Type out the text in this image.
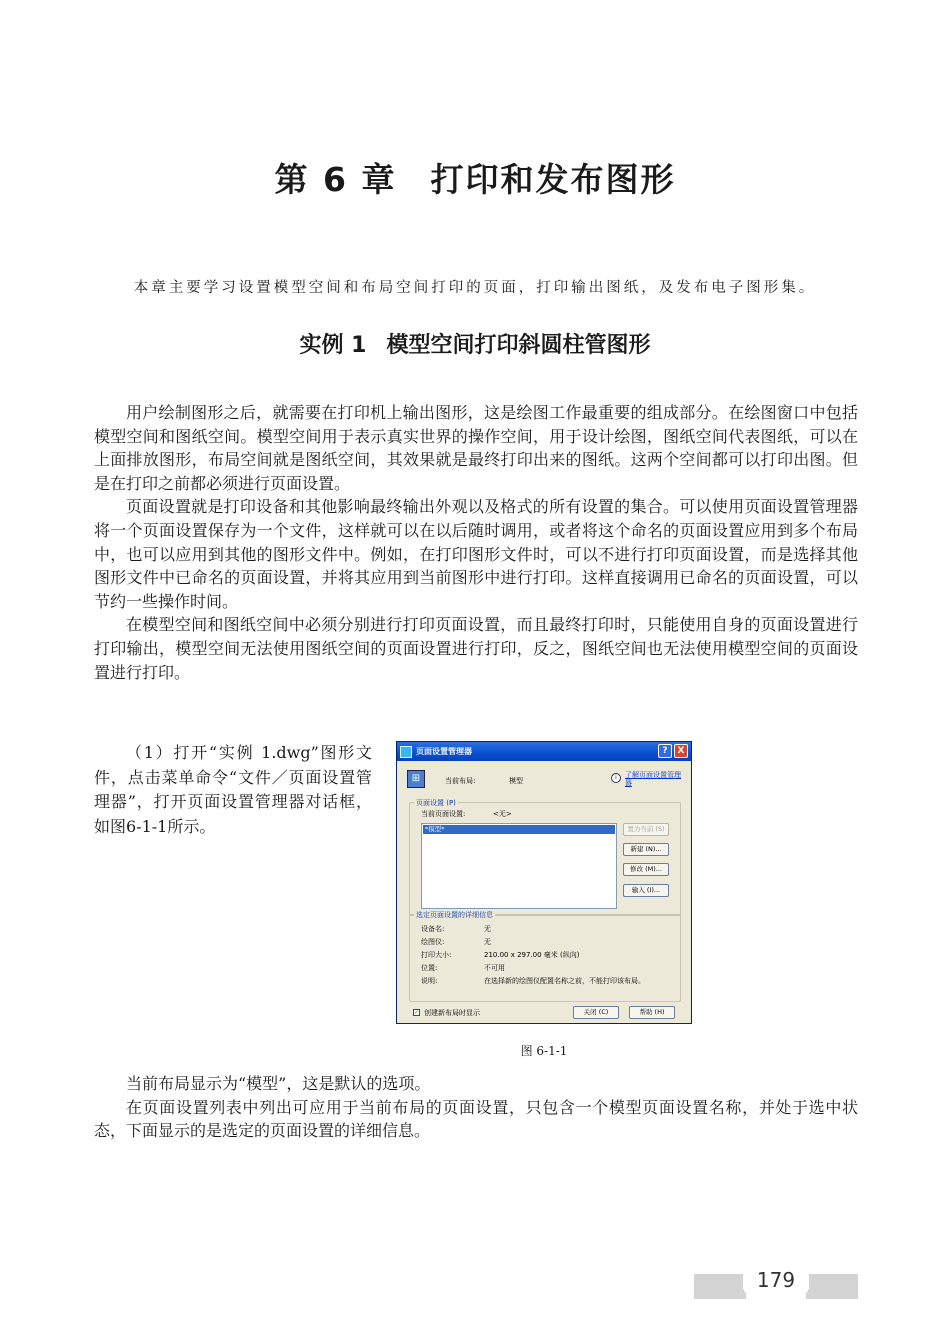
第 6 章 打印和发布图形

本章主要学习设置模型空间和布局空间打印的页面，打印输出图纸，及发布电子图形集。

实例 1 模型空间打印斜圆柱管图形

用户绘制图形之后，就需要在打印机上输出图形，这是绘图工作最重要的组成部分。在绘图窗口中包括模型空间和图纸空间。模型空间用于表示真实世界的操作空间，用于设计绘图，图纸空间代表图纸，可以在上面排放图形，布局空间就是图纸空间，其效果就是最终打印出来的图纸。这两个空间都可以打印出图。但是在打印之前都必须进行页面设置。

页面设置就是打印设备和其他影响最终输出外观以及格式的所有设置的集合。可以使用页面设置管理器将一个页面设置保存为一个文件，这样就可以在以后随时调用，或者将这个命名的页面设置应用到多个布局中，也可以应用到其他的图形文件中。例如，在打印图形文件时，可以不进行打印页面设置，而是选择其他图形文件中已命名的页面设置，并将其应用到当前图形中进行打印。这样直接调用已命名的页面设置，可以节约一些操作时间。

在模型空间和图纸空间中必须分别进行打印页面设置，而且最终打印时，只能使用自身的页面设置进行打印输出，模型空间无法使用图纸空间的页面设置进行打印，反之，图纸空间也无法使用模型空间的页面设置进行打印。

（1）打开“实例 1.dwg”图形文件，点击菜单命令“文件／页面设置管理器”，打开页面设置管理器对话框，如图6-1-1所示。

页面设置管理器	?	X
⊞	当前布局:	模型	i	了解页面设置管理器
页面设置 (P)
当前页面设置:	<无>
*模型*	置为当前 (S)
新建 (N)...
修改 (M)...
输入 (I)...
选定页面设置的详细信息
设备名:	无
绘图仪:	无
打印大小:	210.00 x 297.00 毫米 (纵向)
位置:	不可用
说明:	在选择新的绘图仪配置名称之前，不能打印该布局。
✓ 创建新布局时显示	关闭 (C)	帮助 (H)

图 6-1-1

当前布局显示为“模型”，这是默认的选项。

在页面设置列表中列出可应用于当前布局的页面设置，只包含一个模型页面设置名称，并处于选中状态，下面显示的是选定的页面设置的详细信息。

179
